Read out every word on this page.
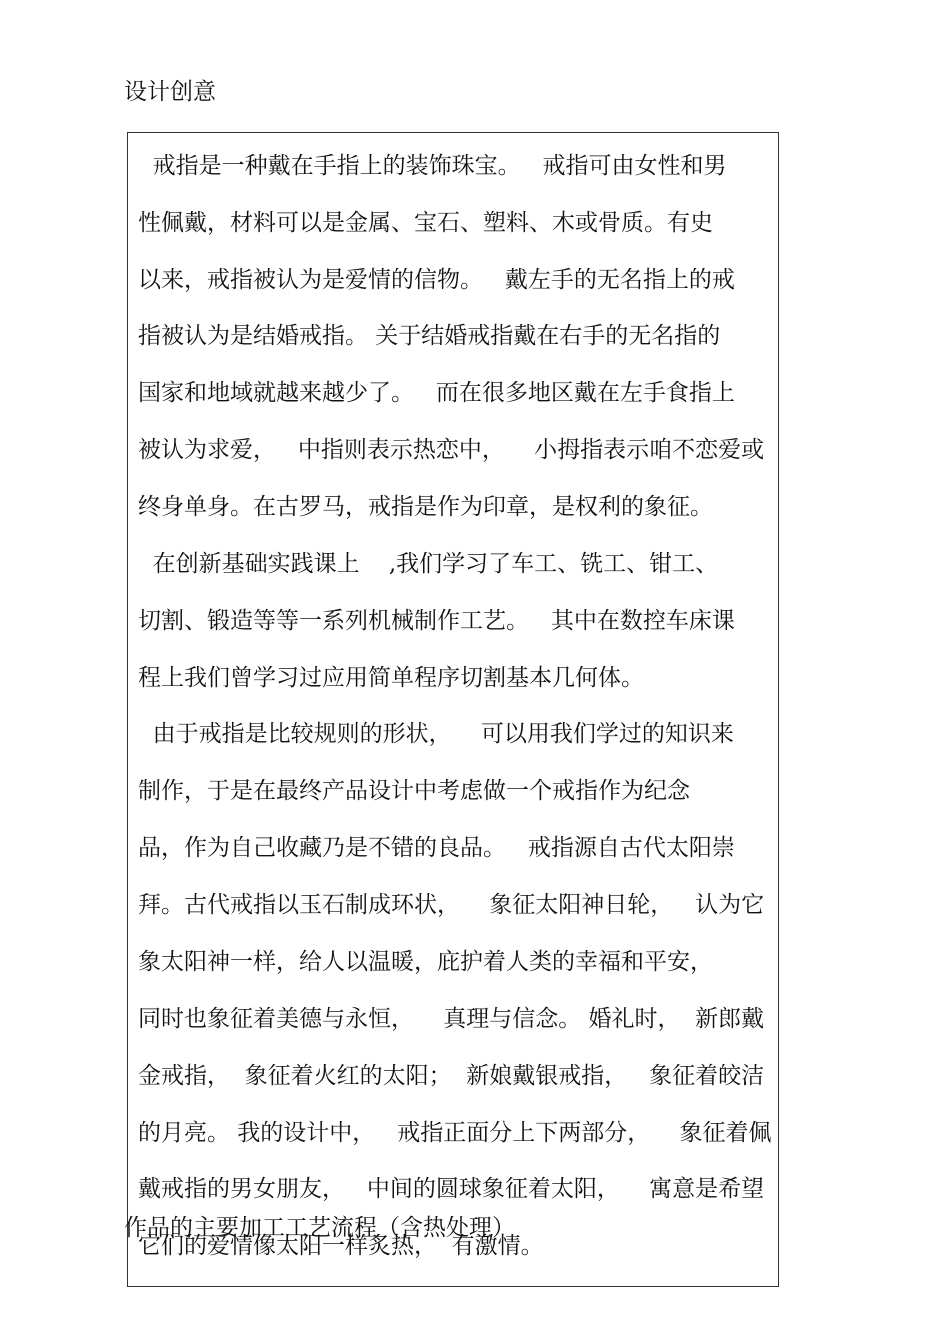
设计创意
戒指是一种戴在手指上的装饰珠宝。   戒指可由女性和男
性佩戴，材料可以是金属、宝石、塑料、木或骨质。有史
以来，戒指被认为是爱情的信物。   戴左手的无名指上的戒
指被认为是结婚戒指。 关于结婚戒指戴在右手的无名指的
国家和地域就越来越少了。   而在很多地区戴在左手食指上
被认为求爱，   中指则表示热恋中，    小拇指表示咱不恋爱或
终身单身。在古罗马，戒指是作为印章，是权利的象征。
在创新基础实践课上    ,我们学习了车工、铣工、钳工、
切割、锻造等等一系列机械制作工艺。   其中在数控车床课
程上我们曾学习过应用简单程序切割基本几何体。
由于戒指是比较规则的形状，    可以用我们学过的知识来
制作，于是在最终产品设计中考虑做一个戒指作为纪念
品，作为自己收藏乃是不错的良品。   戒指源自古代太阳崇
拜。古代戒指以玉石制成环状，    象征太阳神日轮，   认为它
象太阳神一样，给人以温暖，庇护着人类的幸福和平安，
同时也象征着美德与永恒，    真理与信念。 婚礼时，  新郎戴
金戒指，  象征着火红的太阳；  新娘戴银戒指，   象征着皎洁
的月亮。 我的设计中，   戒指正面分上下两部分，    象征着佩
戴戒指的男女朋友，   中间的圆球象征着太阳，    寓意是希望
它们的爱情像太阳一样炙热，  有激情。
作品的主要加工工艺流程（含热处理）
